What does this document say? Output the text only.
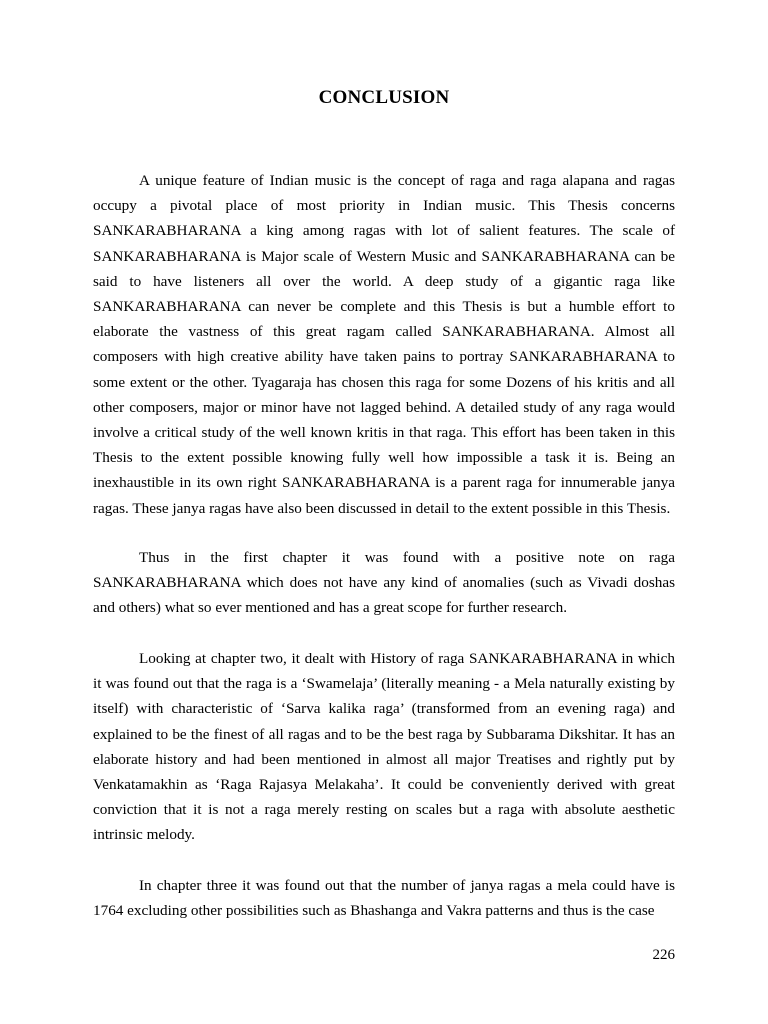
CONCLUSION

A unique feature of Indian music is the concept of raga and raga alapana and ragas occupy a pivotal place of most priority in Indian music. This Thesis concerns SANKARABHARANA a king among ragas with lot of salient features. The scale of SANKARABHARANA is Major scale of Western Music and SANKARABHARANA can be said to have listeners all over the world. A deep study of a gigantic raga like SANKARABHARANA can never be complete and this Thesis is but a humble effort to elaborate the vastness of this great ragam called SANKARABHARANA. Almost all composers with high creative ability have taken pains to portray SANKARABHARANA to some extent or the other. Tyagaraja has chosen this raga for some Dozens of his kritis and all other composers, major or minor have not lagged behind. A detailed study of any raga would involve a critical study of the well known kritis in that raga. This effort has been taken in this Thesis to the extent possible knowing fully well how impossible a task it is. Being an inexhaustible in its own right SANKARABHARANA is a parent raga for innumerable janya ragas. These janya ragas have also been discussed in detail to the extent possible in this Thesis.

Thus in the first chapter it was found with a positive note on raga SANKARABHARANA which does not have any kind of anomalies (such as Vivadi doshas and others) what so ever mentioned and has a great scope for further research.

Looking at chapter two, it dealt with History of raga SANKARABHARANA in which it was found out that the raga is a ‘Swamelaja’ (literally meaning - a Mela naturally existing by itself) with characteristic of ‘Sarva kalika raga’ (transformed from an evening raga) and explained to be the finest of all ragas and to be the best raga by Subbarama Dikshitar. It has an elaborate history and had been mentioned in almost all major Treatises and rightly put by Venkatamakhin as ‘Raga Rajasya Melakaha’. It could be conveniently derived with great conviction that it is not a raga merely resting on scales but a raga with absolute aesthetic intrinsic melody.

In chapter three it was found out that the number of janya ragas a mela could have is 1764 excluding other possibilities such as Bhashanga and Vakra patterns and thus is the case

226
